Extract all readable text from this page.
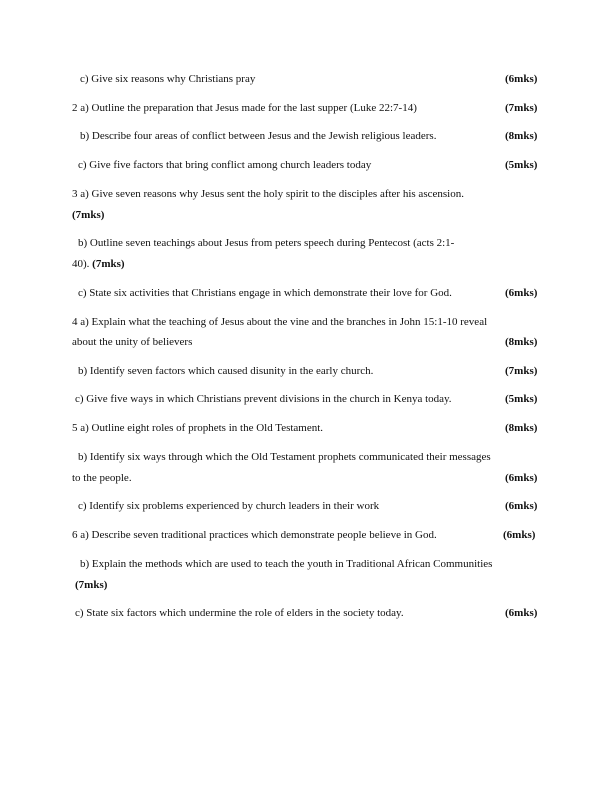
c) Give six reasons why Christians pray	(6mks)
2 a) Outline the preparation that Jesus made for the last supper (Luke 22:7-14)	(7mks)
b) Describe four areas of conflict between Jesus and the Jewish religious leaders.	(8mks)
c) Give five factors that bring conflict among church leaders today	(5mks)
3 a) Give seven reasons why Jesus sent the holy spirit to the disciples after his ascension.
(7mks)
b) Outline seven teachings about Jesus from peters speech during Pentecost (acts 2:1-
40). (7mks)
c) State six activities that Christians engage in which demonstrate their love for God.	(6mks)
4 a) Explain what the teaching of Jesus about the vine and the branches in John 15:1-10 reveal
about the unity of believers	(8mks)
b) Identify seven factors which caused disunity in the early church.	(7mks)
c) Give five ways in which Christians prevent divisions in the church in Kenya today.	(5mks)
5 a) Outline eight roles of prophets in the Old Testament.	(8mks)
b) Identify six ways through which the Old Testament prophets communicated their messages
to the people.	(6mks)
c) Identify six problems experienced by church leaders in their work	(6mks)
6 a) Describe seven traditional practices which demonstrate people believe in God.	(6mks)
b) Explain the methods which are used to teach the youth in Traditional African Communities
(7mks)
c) State six factors which undermine the role of elders in the society today.	(6mks)
